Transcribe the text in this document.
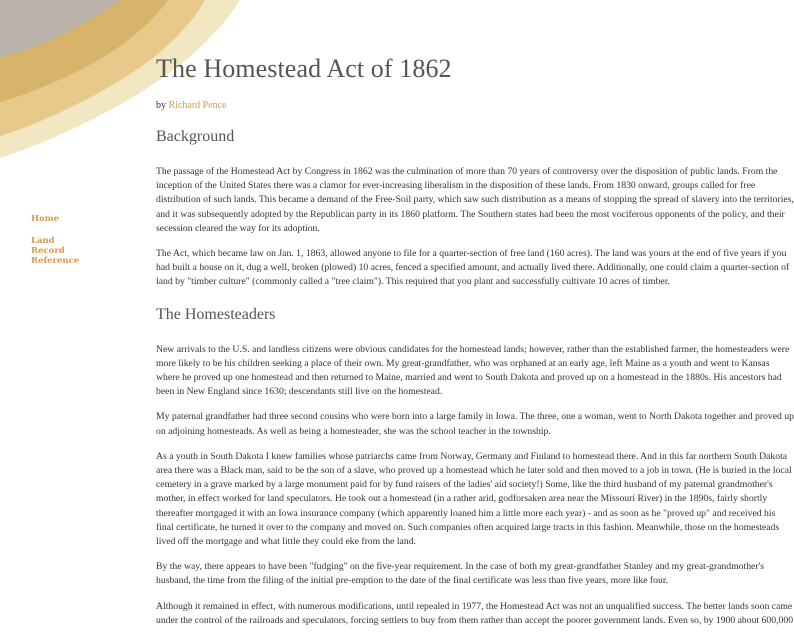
Home
Land Record Reference
The Homestead Act of 1862
by Richard Pence
Background

The passage of the Homestead Act by Congress in 1862 was the culmination of more than 70 years of controversy over the disposition of public lands. From the inception of the United States there was a clamor for ever-increasing liberalism in the disposition of these lands. From 1830 onward, groups called for free distribution of such lands. This became a demand of the Free-Soil party, which saw such distribution as a means of stopping the spread of slavery into the territories, and it was subsequently adopted by the Republican party in its 1860 platform. The Southern states had been the most vociferous opponents of the policy, and their secession cleared the way for its adoption.

The Act, which became law on Jan. 1, 1863, allowed anyone to file for a quarter-section of free land (160 acres). The land was yours at the end of five years if you had built a house on it, dug a well, broken (plowed) 10 acres, fenced a specified amount, and actually lived there. Additionally, one could claim a quarter-section of land by "timber culture" (commonly called a "tree claim"). This required that you plant and successfully cultivate 10 acres of timber.

The Homesteaders

New arrivals to the U.S. and landless citizens were obvious candidates for the homestead lands; however, rather than the established farmer, the homesteaders were more likely to be his children seeking a place of their own. My great-grandfather, who was orphaned at an early age, left Maine as a youth and went to Kansas where he proved up one homestead and then returned to Maine, married and went to South Dakota and proved up on a homestead in the 1880s. His ancestors had been in New England since 1630; descendants still live on the homestead.

My paternal grandfather had three second cousins who were born into a large family in Iowa. The three, one a woman, went to North Dakota together and proved up on adjoining homesteads. As well as being a homesteader, she was the school teacher in the township.

As a youth in South Dakota I knew families whose patriarchs came from Norway, Germany and Finland to homestead there. And in this far northern South Dakota area there was a Black man, said to be the son of a slave, who proved up a homestead which he later sold and then moved to a job in town. (He is buried in the local cemetery in a grave marked by a large monument paid for by fund raisers of the ladies' aid society!) Some, like the third husband of my paternal grandmother's mother, in effect worked for land speculators. He took out a homestead (in a rather arid, godforsaken area near the Missouri River) in the 1890s, fairly shortly thereafter mortgaged it with an Iowa insurance company (which apparently loaned him a little more each year) - and as soon as he "proved up" and received his final certificate, he turned it over to the company and moved on. Such companies often acquired large tracts in this fashion. Meanwhile, those on the homesteads lived off the mortgage and what little they could eke from the land.

By the way, there appears to have been "fudging" on the five-year requirement. In the case of both my great-grandfather Stanley and my great-grandmother's husband, the time from the filing of the initial pre-emption to the date of the final certificate was less than five years, more like four.

Although it remained in effect, with numerous modifications, until repealed in 1977, the Homestead Act was not an unqualified success. The better lands soon came under the control of the railroads and speculators, forcing settlers to buy from them rather than accept the poorer government lands. Even so, by 1900 about 600,000
